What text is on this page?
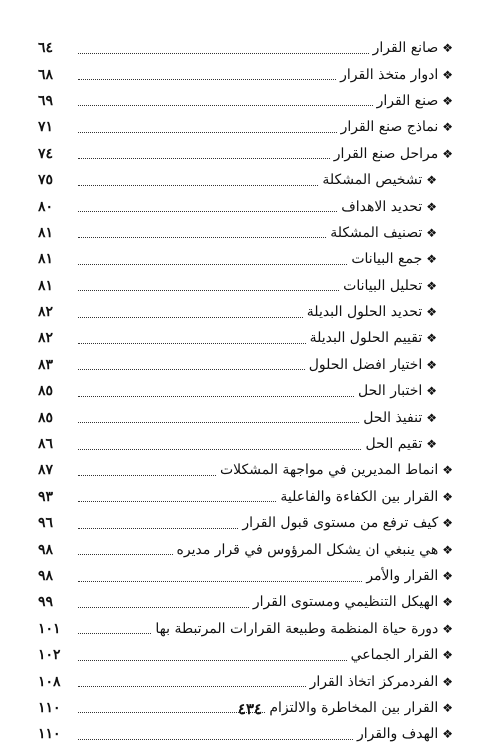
٦٤	❖صانع القرار
٦٨	❖ادوار متخذ القرار
٦٩	❖صنع القرار
٧١	❖نماذج صنع القرار
٧٤	❖مراحل صنع القرار
٧٥	❖تشخيص المشكلة
٨٠	❖تحديد الاهداف
٨١	❖تصنيف المشكلة
٨١	❖جمع البيانات
٨١	❖تحليل البيانات
٨٢	❖تحديد الحلول البديلة
٨٢	❖تقييم الحلول البديلة
٨٣	❖اختيار افضل الحلول
٨٥	❖اختبار الحل
٨٥	❖تنفيذ الحل
٨٦	❖تقيم الحل
٨٧	❖انماط المديرين في مواجهة المشكلات
٩٣	❖القرار بين الكفاءة والفاعلية
٩٦	❖كيف ترفع من مستوى قبول القرار
٩٨	❖هي ينبغي ان يشكل المرؤوس في قرار مديره
٩٨	❖القرار والأمر
٩٩	❖الهيكل التنظيمي ومستوى القرار
١٠١	❖دورة حياة المنظمة وطبيعة القرارات المرتبطة بها
١٠٢	❖القرار الجماعي
١٠٨	❖الفردمركز اتخاذ القرار
١١٠	❖القرار بين المخاطرة والالتزام
١١٠	❖الهدف والقرار
٤٣٤
